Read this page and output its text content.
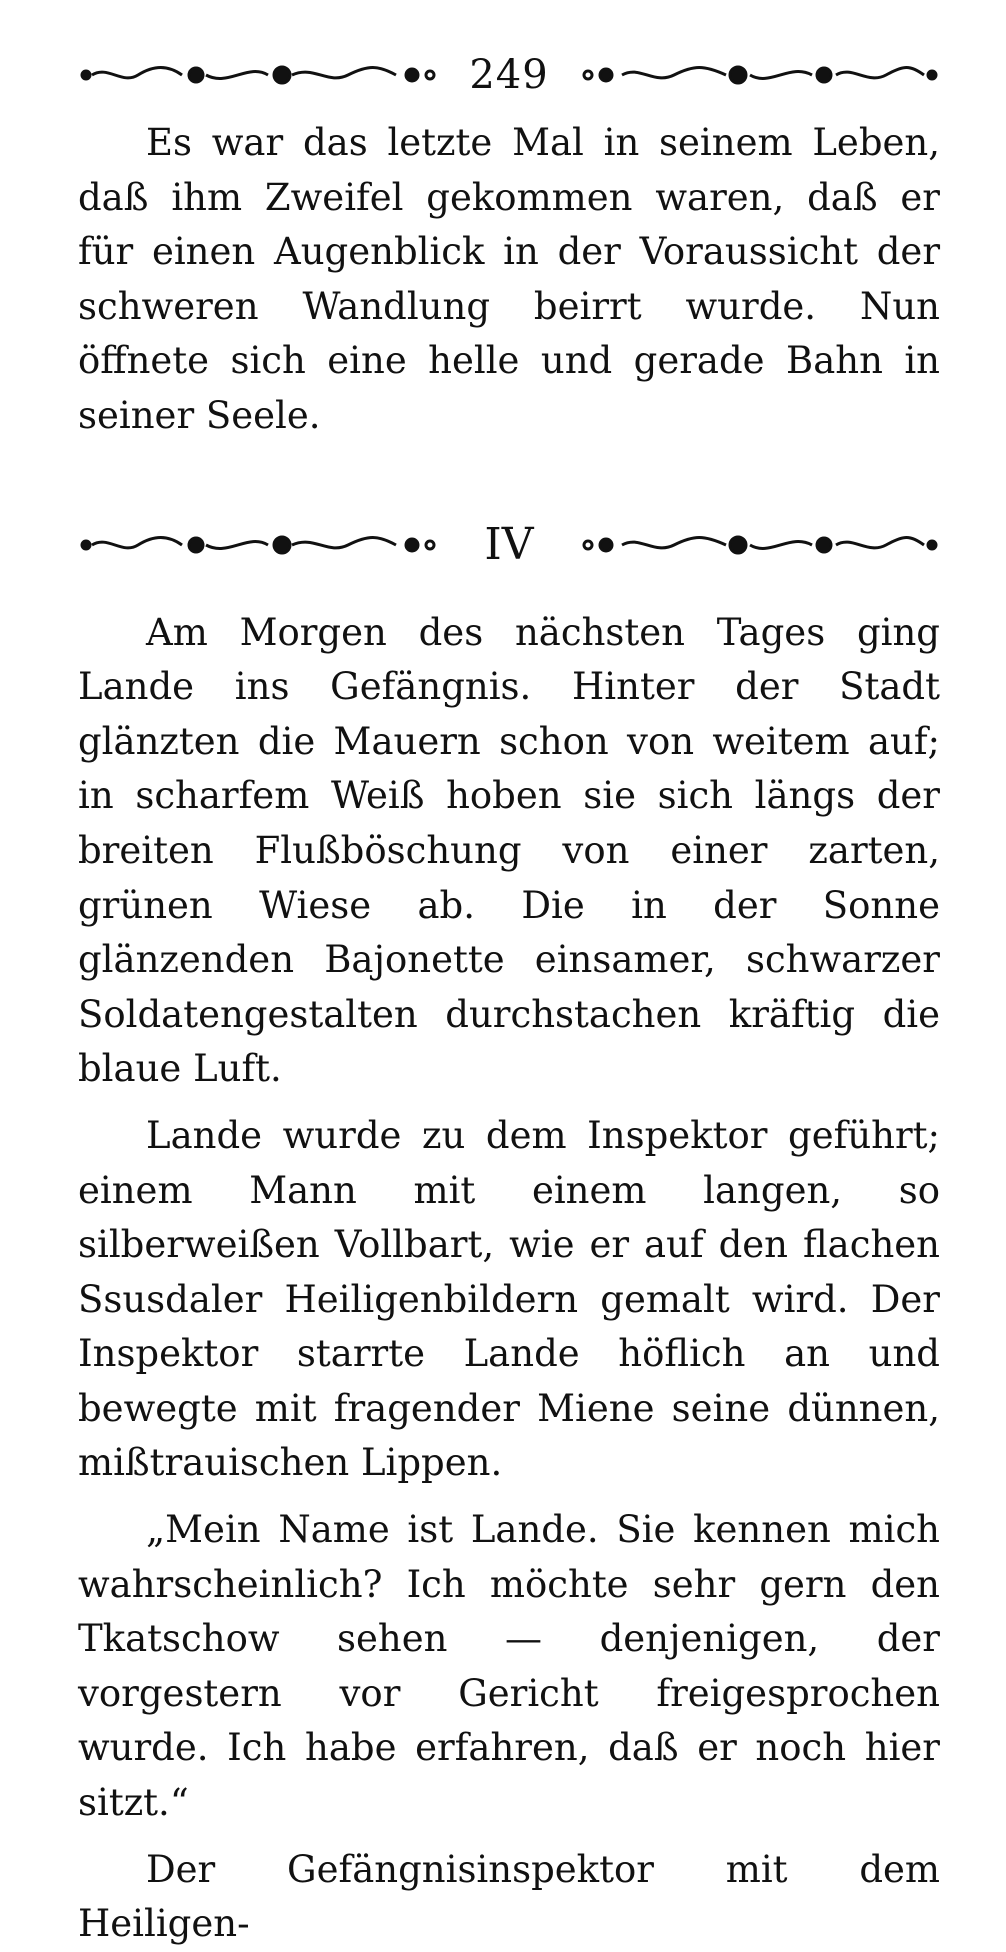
249

Es war das letzte Mal in seinem Leben, daß ihm Zweifel gekommen waren, daß er für einen Augenblick in der Voraussicht der schweren Wandlung beirrt wurde. Nun öffnete sich eine helle und gerade Bahn in seiner Seele.

IV

Am Morgen des nächsten Tages ging Lande ins Gefängnis. Hinter der Stadt glänzten die Mauern schon von weitem auf; in scharfem Weiß hoben sie sich längs der breiten Flußböschung von einer zarten, grünen Wiese ab. Die in der Sonne glänzenden Bajonette einsamer, schwarzer Soldatengestalten durchstachen kräftig die blaue Luft.

Lande wurde zu dem Inspektor geführt; einem Mann mit einem langen, so silberweißen Vollbart, wie er auf den flachen Ssusdaler Heiligenbildern gemalt wird. Der Inspektor starrte Lande höflich an und bewegte mit fragender Miene seine dünnen, mißtrauischen Lippen.

„Mein Name ist Lande. Sie kennen mich wahrscheinlich? Ich möchte sehr gern den Tkatschow sehen — denjenigen, der vorgestern vor Gericht freigesprochen wurde. Ich habe erfahren, daß er noch hier sitzt.“

Der Gefängnisinspektor mit dem Heiligen-
